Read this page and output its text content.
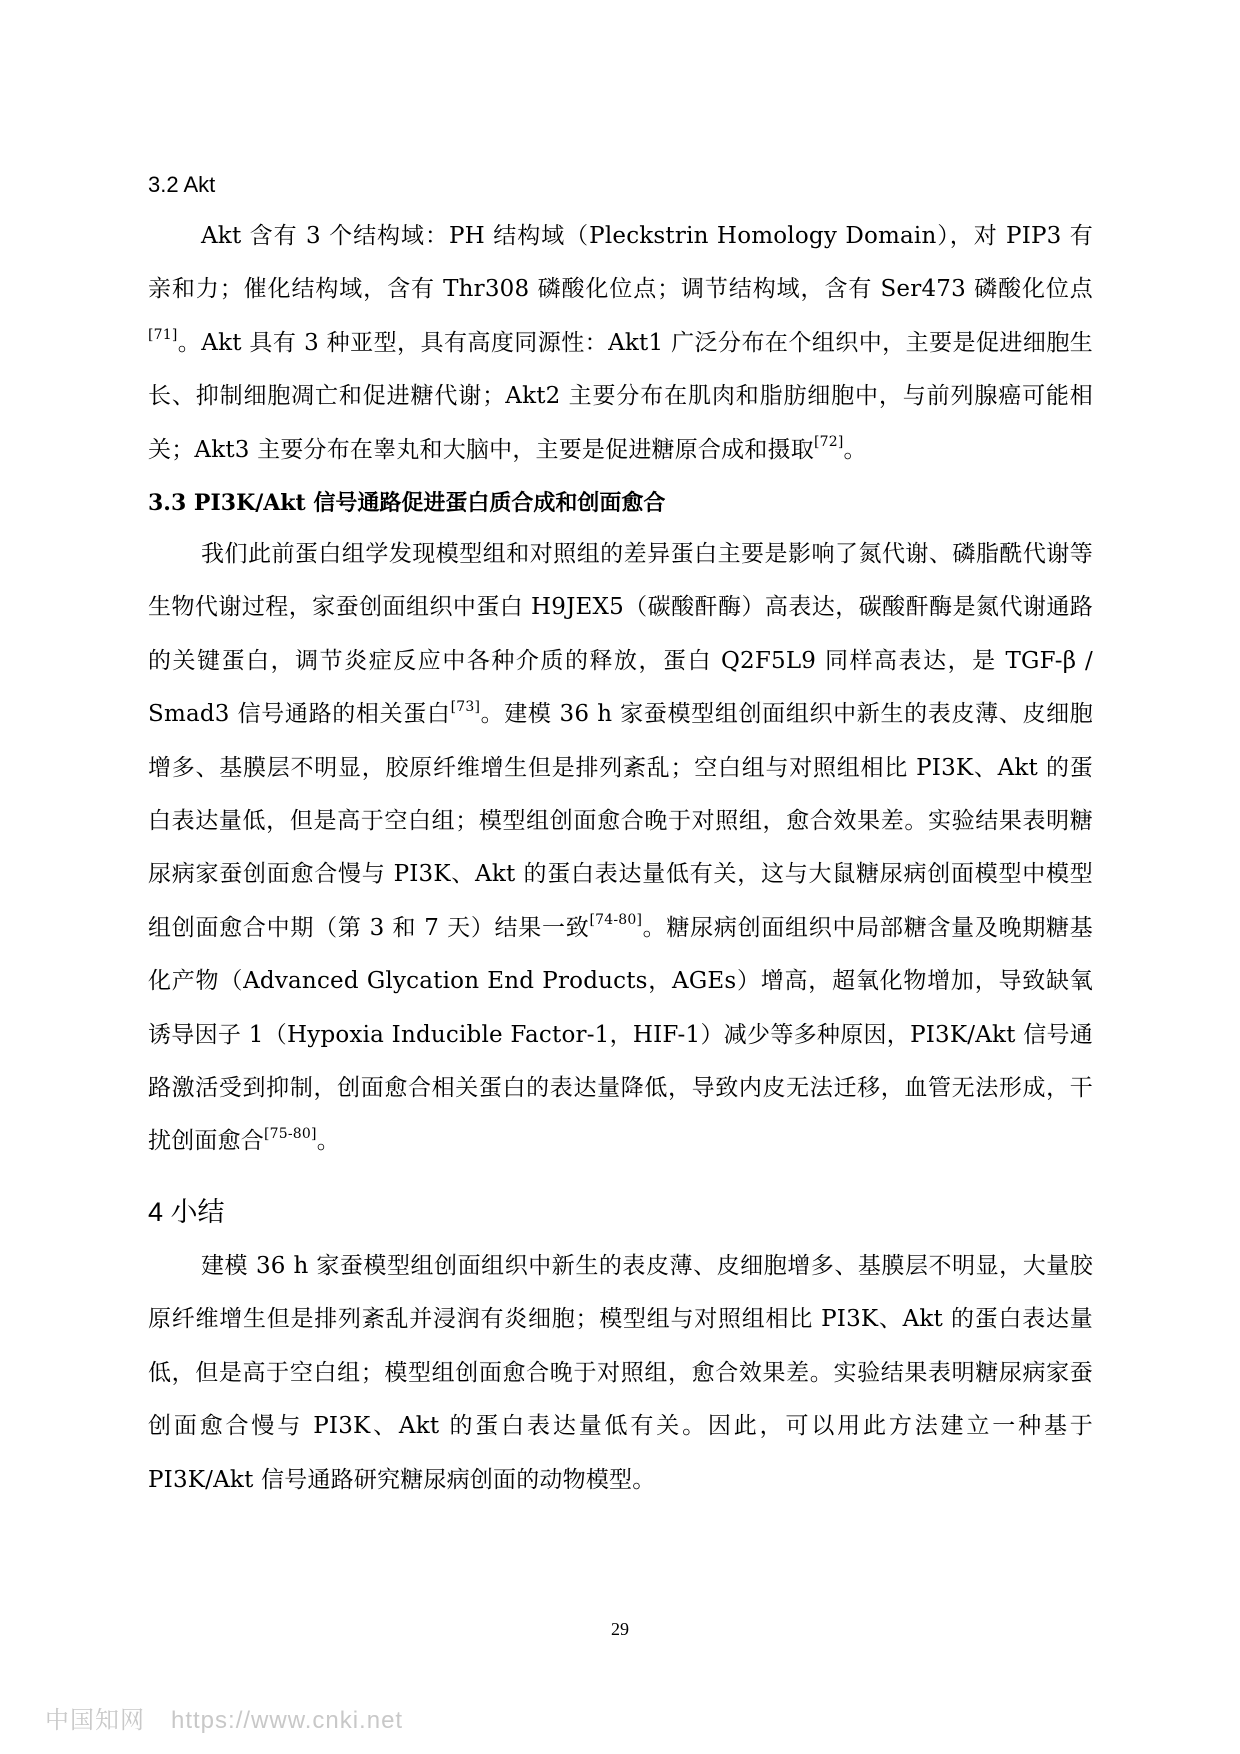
3.2 Akt
Akt 含有 3 个结构域：PH 结构域（Pleckstrin Homology Domain），对 PIP3 有亲和力；催化结构域，含有 Thr308 磷酸化位点；调节结构域，含有 Ser473 磷酸化位点[71]。Akt 具有 3 种亚型，具有高度同源性：Akt1 广泛分布在个组织中，主要是促进细胞生长、抑制细胞凋亡和促进糖代谢；Akt2 主要分布在肌肉和脂肪细胞中，与前列腺癌可能相关；Akt3 主要分布在睾丸和大脑中，主要是促进糖原合成和摄取[72]。
3.3 PI3K/Akt 信号通路促进蛋白质合成和创面愈合
我们此前蛋白组学发现模型组和对照组的差异蛋白主要是影响了氮代谢、磷脂酰代谢等生物代谢过程，家蚕创面组织中蛋白 H9JEX5（碳酸酐酶）高表达，碳酸酐酶是氮代谢通路的关键蛋白，调节炎症反应中各种介质的释放，蛋白 Q2F5L9 同样高表达，是 TGF-β / Smad3 信号通路的相关蛋白[73]。建模 36 h 家蚕模型组创面组织中新生的表皮薄、皮细胞增多、基膜层不明显，胶原纤维增生但是排列紊乱；空白组与对照组相比 PI3K、Akt 的蛋白表达量低，但是高于空白组；模型组创面愈合晚于对照组，愈合效果差。实验结果表明糖尿病家蚕创面愈合慢与 PI3K、Akt 的蛋白表达量低有关，这与大鼠糖尿病创面模型中模型组创面愈合中期（第 3 和 7 天）结果一致[74-80]。糖尿病创面组织中局部糖含量及晚期糖基化产物（Advanced Glycation End Products，AGEs）增高，超氧化物增加，导致缺氧诱导因子 1（Hypoxia Inducible Factor-1，HIF-1）减少等多种原因，PI3K/Akt 信号通路激活受到抑制，创面愈合相关蛋白的表达量降低，导致内皮无法迁移，血管无法形成，干扰创面愈合[75-80]。
4 小结
建模 36 h 家蚕模型组创面组织中新生的表皮薄、皮细胞增多、基膜层不明显，大量胶原纤维增生但是排列紊乱并浸润有炎细胞；模型组与对照组相比 PI3K、Akt 的蛋白表达量低，但是高于空白组；模型组创面愈合晚于对照组，愈合效果差。实验结果表明糖尿病家蚕创面愈合慢与 PI3K、Akt 的蛋白表达量低有关。因此，可以用此方法建立一种基于 PI3K/Akt 信号通路研究糖尿病创面的动物模型。
29
中国知网 https://www.cnki.net
